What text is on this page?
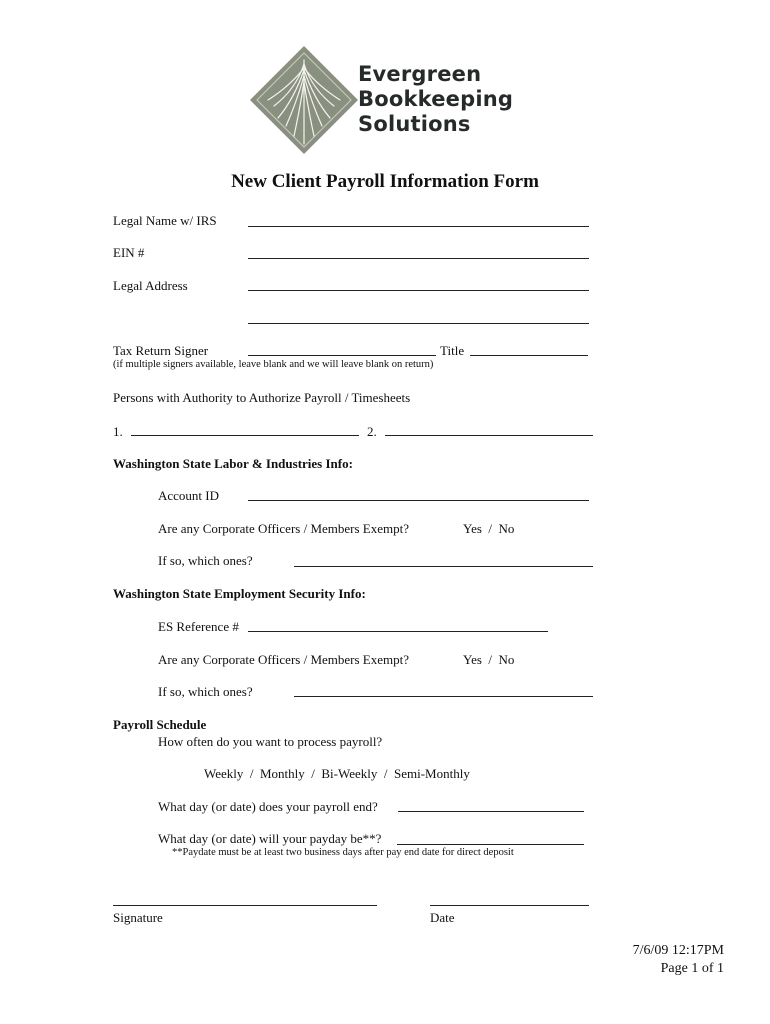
Evergreen
Bookkeeping
Solutions
New Client Payroll Information Form
Legal Name w/ IRS
EIN #
Legal Address
Tax Return Signer	Title
(if multiple signers available, leave blank and we will leave blank on return)
Persons with Authority to Authorize Payroll / Timesheets
1.	2.
Washington State Labor & Industries Info:
Account ID
Are any Corporate Officers / Members Exempt?	Yes  /  No
If so, which ones?
Washington State Employment Security Info:
ES Reference #
Are any Corporate Officers / Members Exempt?	Yes  /  No
If so, which ones?
Payroll Schedule
How often do you want to process payroll?
Weekly  /  Monthly  /  Bi-Weekly  /  Semi-Monthly
What day (or date) does your payroll end?
What day (or date) will your payday be**?
**Paydate must be at least two business days after pay end date for direct deposit
Signature	Date
7/6/09 12:17PM
Page 1 of 1
